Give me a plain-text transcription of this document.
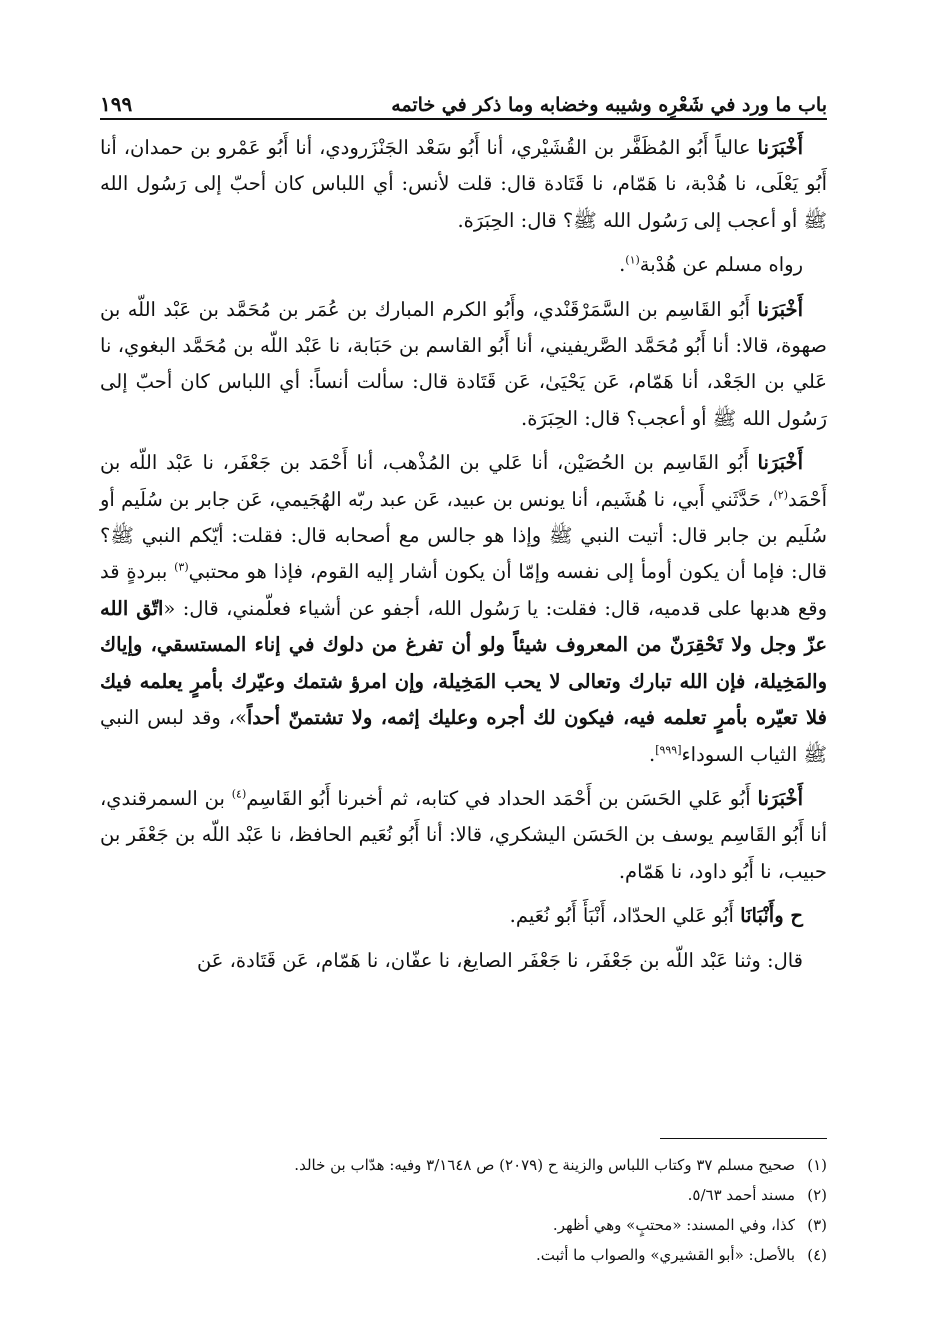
باب ما ورد في شَعْرِه وشيبه وخضابه وما ذكر في خاتمه
١٩٩

أَخْبَرَنا عالياً أَبُو المُظَفَّر بن القُشَيْري، أنا أَبُو سَعْد الجَنْزَرودي، أنا أَبُو عَمْرو بن حمدان، أنا أَبُو يَعْلَى، نا هُدْبة، نا هَمّام، نا قَتَادة قال: قلت لأنس: أي اللباس كان أحبّ إلى رَسُول الله ﷺ أو أعجب إلى رَسُول الله ﷺ؟ قال: الحِبَرَة.

رواه مسلم عن هُدْبة$^{(١)}$.

أَخْبَرَنا أَبُو القَاسِم بن السَّمَرْقَنْدي، وأَبُو الكرم المبارك بن عُمَر بن مُحَمَّد بن عَبْد اللّه بن صهوة، قالا: أنا أَبُو مُحَمَّد الصَّريفيني، أنا أَبُو القاسم بن حَبَابة، نا عَبْد اللّه بن مُحَمَّد البغوي، نا عَلي بن الجَعْد، أنا هَمّام، عَن يَحْيَىٰ، عَن قَتَادة قال: سألت أنساً: أي اللباس كان أحبّ إلى رَسُول الله ﷺ أو أعجب؟ قال: الحِبَرَة.

أَخْبَرَنا أَبُو القَاسِم بن الحُصَيْن، أنا عَلي بن المُذْهب، أنا أَحْمَد بن جَعْفَر، نا عَبْد اللّه بن أَحْمَد$^{(٢)}$، حَدَّثَني أَبي، نا هُشَيم، أنا يونس بن عبيد، عَن عبد ربّه الهُجَيمي، عَن جابر بن سُلَيم أو سُلَيم بن جابر قال: أتيت النبي ﷺ وإذا هو جالس مع أصحابه قال: فقلت: أيّكم النبي ﷺ؟ قال: فإما أن يكون أومأ إلى نفسه وإمّا أن يكون أشار إليه القوم، فإذا هو محتبي$^{(٣)}$ ببردةٍ قد وقع هدبها على قدميه، قال: فقلت: يا رَسُول الله، أجفو عن أشياء فعلّمني، قال: «اتّق الله عزّ وجل ولا تَحْقِرَنّ من المعروف شيئاً ولو أن تفرغ من دلوك في إناء المستسقي، وإياك والمَخِيلة، فإن الله تبارك وتعالى لا يحب المَخِيلة، وإن امرؤ شتمك وعيّرك بأمرٍ يعلمه فيك فلا تعيّره بأمرٍ تعلمه فيه، فيكون لك أجره وعليك إثمه، ولا تشتمنّ أحداً»، وقد لبس النبي ﷺ الثياب السوداء[٩٩٩].

أَخْبَرَنا أَبُو عَلي الحَسَن بن أَحْمَد الحداد في كتابه، ثم أخبرنا أَبُو القَاسِم$^{(٤)}$ بن السمرقندي، أنا أَبُو القَاسِم يوسف بن الحَسَن اليشكري، قالا: أنا أَبُو نُعَيم الحافظ، نا عَبْد اللّه بن جَعْفَر بن حبيب، نا أَبُو داود، نا هَمّام.

ح وأَنْبَانَا أَبُو عَلي الحدّاد، أَنْبَأَ أَبُو نُعَيم.

قال: وثنا عَبْد اللّه بن جَعْفَر، نا جَعْفَر الصايغ، نا عفّان، نا هَمّام، عَن قَتَادة، عَن

(١)صحيح مسلم ٣٧ وكتاب اللباس والزينة ح (٢٠٧٩) ص ٣/١٦٤٨ وفيه: هدّاب بن خالد.
(٢)مسند أحمد ٥/٦٣.
(٣)كذا، وفي المسند: «محتبٍ» وهي أظهر.
(٤)بالأصل: «أبو القشيري» والصواب ما أثبت.
